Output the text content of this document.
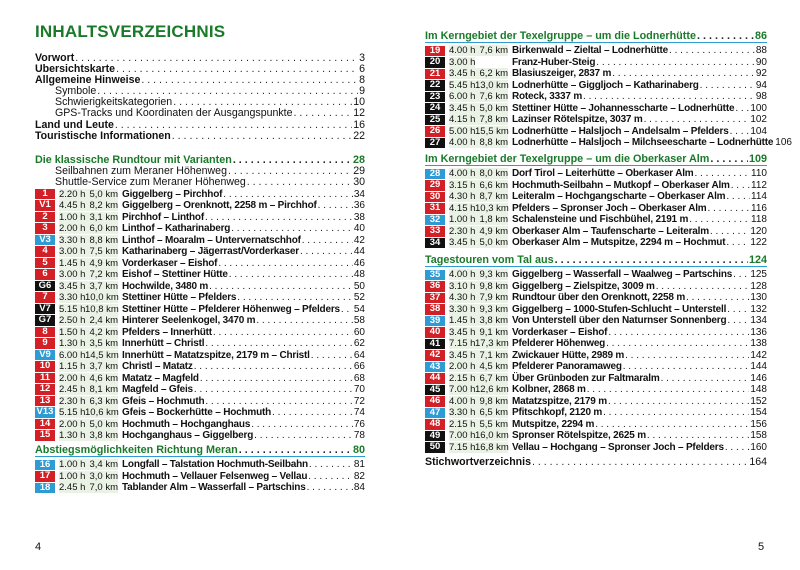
INHALTSVERZEICHNIS
Vorwort . . .	3
Übersichtskarte . . .	6
Allgemeine Hinweise . . .	8
Symbole . . .	9
Schwierigkeitskategorien . . .	10
GPS-Tracks und Koordinaten der Ausgangspunkte . . .	12
Land und Leute . . .	16
Touristische Informationen . . .	22
Die klassische Rundtour mit Varianten . . .	28
Seilbahnen zum Meraner Höhenweg . . .	29
Shuttle-Service zum Meraner Höhenweg . . .	30
1	2.20 h 5,0 km Giggelberg – Pirchhof . . .	34
V1 4.45 h 8,2 km Giggelberg – Orenknott, 2258 m – Pirchhof . . .	36
2	1.00 h 3,1 km Pirchhof – Linthof . . .	38
3	2.00 h 6,0 km Linthof – Katharinaberg . . .	40
V3 3.30 h 8,8 km Linthof – Moaralm – Untervernatschhof . . .	42
4	3.00 h 7,5 km Katharinaberg – Jägerrast/Vorderkaser . . .	44
5	1.45 h 4,9 km Vorderkaser – Eishof . . .	46
6	3.00 h 7,2 km Eishof – Stettiner Hütte . . .	48
G6 3.45 h 3,7 km Hochwilde, 3480 m . . .	50
7	3.30 h 10,0 km Stettiner Hütte – Pfelders . . .	52
V7 5.15 h 10,8 km Stettiner Hütte – Pfelderer Höhenweg – Pfelders . . . 54
G7 2.50 h 2,4 km Hinterer Seelenkogel, 3470 m . . .	58
8	1.50 h 4,2 km Pfelders – Innerhütt . . .	60
9	1.30 h 3,5 km Innerhütt – Christl . . .	62
V9 6.00 h 14,5 km Innerhütt – Matatzspitze, 2179 m – Christl . . .	64
10 1.15 h 3,7 km Christl – Matatz . . .	66
11 2.00 h 4,6 km Matatz – Magfeld . . .	68
12 2.45 h 8,1 km Magfeld – Gfeis . . .	70
13 2.30 h 6,3 km Gfeis – Hochmuth . . .	72
V13 5.15 h 10,6 km Gfeis – Bockerhütte – Hochmuth . . .	74
14 2.00 h 5,0 km Hochmuth – Hochganghaus . . .	76
15 1.30 h 3,8 km Hochganghaus – Giggelberg . . .	78
Abstiegsmöglichkeiten Richtung Meran . . .	80
16 1.00 h 3,4 km Longfall – Talstation Hochmuth-Seilbahn . . .	81
17 1.00 h 3,0 km Hochmuth – Vellauer Felsenweg – Vellau . . .	82
18 2.45 h 7,0 km Tablander Alm – Wasserfall – Partschins . . .	84
4
Im Kerngebiet der Texelgruppe – um die Lodnerhütte . . .	86
19 4.00 h 7,6 km Birkenwald – Zieltal – Lodnerhütte . . .	88
20 3.00 h	Franz-Huber-Steig . . .	90
21 3.45 h 6,2 km Blasiuszeiger, 2837 m . . .	92
22 5.45 h 13,0 km Lodnerhütte – Giggljoch – Katharinaberg . . .	94
23 6.00 h 7,6 km Roteck, 3337 m . . .	98
24 3.45 h 5,0 km Stettiner Hütte – Johannesscharte – Lodnerhütte . . . 100
25 4.15 h 7,8 km Lazinser Rötelspitze, 3037 m . . .	102
26 5.00 h 15,5 km Lodnerhütte – Halsljoch – Andelsalm – Pfelders . . . 104
27 4.00 h 8,8 km Lodnerhütte – Halsljoch – Milchseescharte – Lodnerhütte 106
Im Kerngebiet der Texelgruppe – um die Oberkaser Alm . . .	109
28 4.00 h 8,0 km Dorf Tirol – Leiterhütte – Oberkaser Alm . . .	110
29 3.15 h 6,6 km Hochmuth-Seilbahn – Mutkopf – Oberkaser Alm . . . 112
30 4.30 h 8,7 km Leiteralm – Hochgangscharte – Oberkaser Alm . . .	114
31 4.15 h 10,3 km Pfelders – Spronser Joch – Oberkaser Alm . . .	116
32 1.00 h 1,8 km Schalensteine und Fischbühel, 2191 m . . .	118
33 2.30 h 4,9 km Oberkaser Alm – Taufenscharte – Leiteralm . . .	120
34 3.45 h 5,0 km Oberkaser Alm – Mutspitze, 2294 m – Hochmut . . . 122
Tagestouren vom Tal aus . . .	124
35 4.00 h 9,3 km Giggelberg – Wasserfall – Waalweg – Partschins . . . 125
36 3.10 h 9,8 km Giggelberg – Zielspitze, 3009 m . . .	128
37 4.30 h 7,9 km Rundtour über den Orenknott, 2258 m . . .	130
38 3.30 h 9,3 km Giggelberg – 1000-Stufen-Schlucht – Unterstell . . . 132
39 1.45 h 3,8 km Von Unterstell über den Naturnser Sonnenberg . . . 134
40 3.45 h 9,1 km Vorderkaser – Eishof . . .	136
41 7.15 h 17,3 km Pfelderer Höhenweg . . .	138
42 3.45 h 7,1 km Zwickauer Hütte, 2989 m . . .	142
43 2.00 h 4,5 km Pfelderer Panoramaweg . . .	144
44 2.15 h 6,7 km Über Grünboden zur Faltmaralm . . .	146
45 7.00 h 12,6 km Kolbner, 2868 m . . .	148
46 4.00 h 9,8 km Matatzspitze, 2179 m . . .	152
47 3.30 h 6,5 km Pfitschkopf, 2120 m . . .	154
48 2.15 h 5,5 km Mutspitze, 2294 m . . .	156
49 7.00 h 16,0 km Spronser Rötelspitze, 2625 m . . .	158
50 7.15 h 16,8 km Vellau – Hochgang – Spronser Joch – Pfelders . . .	160
Stichwortverzeichnis . . .	164
5
